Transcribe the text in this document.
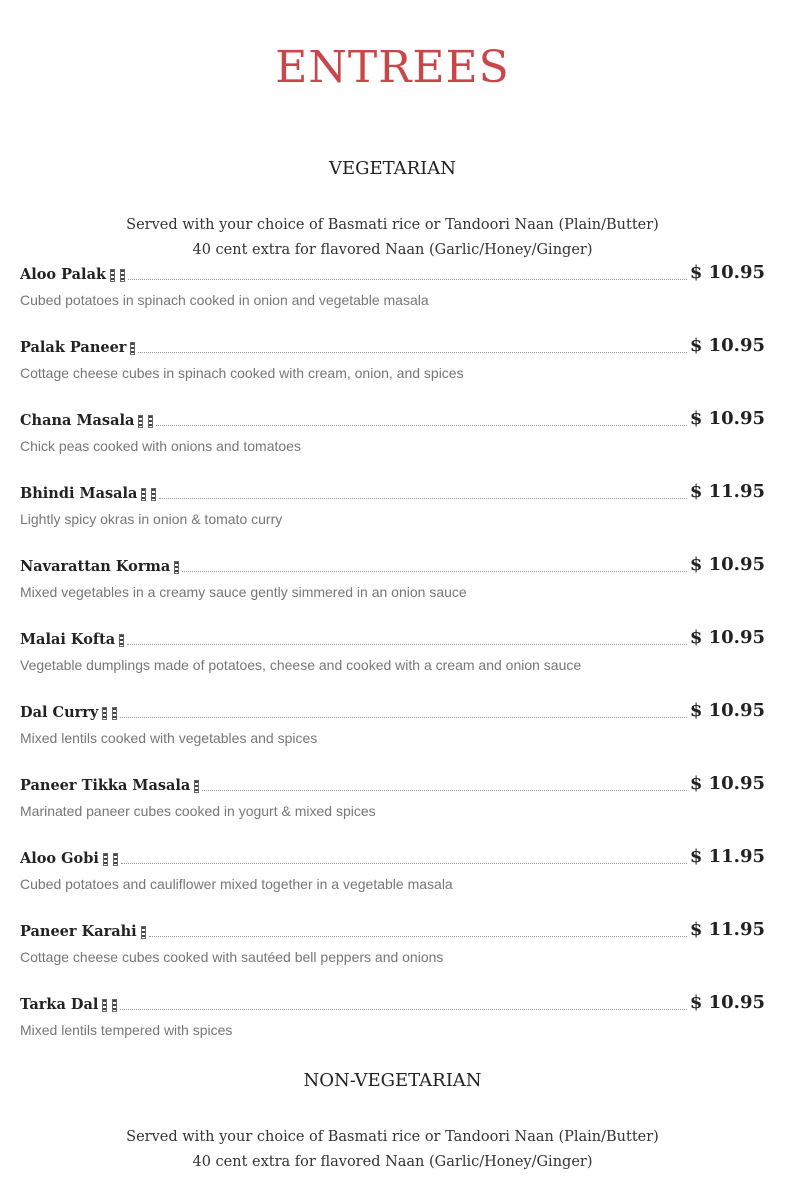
ENTREES
VEGETARIAN
Served with your choice of Basmati rice or Tandoori Naan (Plain/Butter)
40 cent extra for flavored Naan (Garlic/Honey/Ginger)
Aloo Palak	$ 10.95
Cubed potatoes in spinach cooked in onion and vegetable masala
Palak Paneer	$ 10.95
Cottage cheese cubes in spinach cooked with cream, onion, and spices
Chana Masala	$ 10.95
Chick peas cooked with onions and tomatoes
Bhindi Masala	$ 11.95
Lightly spicy okras in onion & tomato curry
Navarattan Korma	$ 10.95
Mixed vegetables in a creamy sauce gently simmered in an onion sauce
Malai Kofta	$ 10.95
Vegetable dumplings made of potatoes, cheese and cooked with a cream and onion sauce
Dal Curry	$ 10.95
Mixed lentils cooked with vegetables and spices
Paneer Tikka Masala	$ 10.95
Marinated paneer cubes cooked in yogurt & mixed spices
Aloo Gobi	$ 11.95
Cubed potatoes and cauliflower mixed together in a vegetable masala
Paneer Karahi	$ 11.95
Cottage cheese cubes cooked with sautéed bell peppers and onions
Tarka Dal	$ 10.95
Mixed lentils tempered with spices
NON-VEGETARIAN
Served with your choice of Basmati rice or Tandoori Naan (Plain/Butter)
40 cent extra for flavored Naan (Garlic/Honey/Ginger)
